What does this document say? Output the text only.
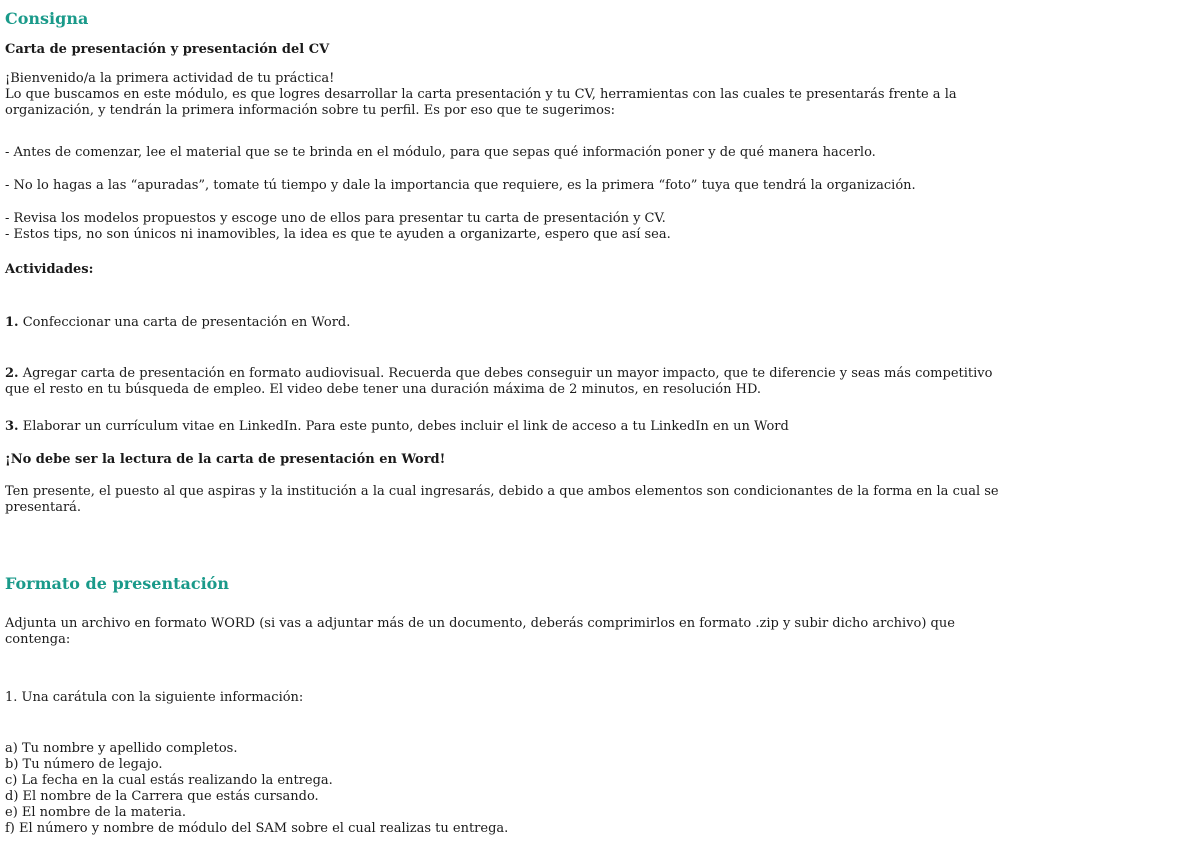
Consigna
Carta de presentación y presentación del CV
¡Bienvenido/a la primera actividad de tu práctica!
Lo que buscamos en este módulo, es que logres desarrollar la carta presentación y tu CV, herramientas con las cuales te presentarás frente a la
organización, y tendrán la primera información sobre tu perfil. Es por eso que te sugerimos:
- Antes de comenzar, lee el material que se te brinda en el módulo, para que sepas qué información poner y de qué manera hacerlo.
- No lo hagas a las “apuradas”, tomate tú tiempo y dale la importancia que requiere, es la primera “foto” tuya que tendrá la organización.
- Revisa los modelos propuestos y escoge uno de ellos para presentar tu carta de presentación y CV.
- Estos tips, no son únicos ni inamovibles, la idea es que te ayuden a organizarte, espero que así sea.
Actividades:
1. Confeccionar una carta de presentación en Word.
2. Agregar carta de presentación en formato audiovisual. Recuerda que debes conseguir un mayor impacto, que te diferencie y seas más competitivo
que el resto en tu búsqueda de empleo. El video debe tener una duración máxima de 2 minutos, en resolución HD.
3. Elaborar un currículum vitae en LinkedIn. Para este punto, debes incluir el link de acceso a tu LinkedIn en un Word
¡No debe ser la lectura de la carta de presentación en Word!
Ten presente, el puesto al que aspiras y la institución a la cual ingresarás, debido a que ambos elementos son condicionantes de la forma en la cual se
presentará.
Formato de presentación
Adjunta un archivo en formato WORD (si vas a adjuntar más de un documento, deberás comprimirlos en formato .zip y subir dicho archivo) que
contenga:
1. Una carátula con la siguiente información:
a) Tu nombre y apellido completos.
b) Tu número de legajo.
c) La fecha en la cual estás realizando la entrega.
d) El nombre de la Carrera que estás cursando.
e) El nombre de la materia.
f) El número y nombre de módulo del SAM sobre el cual realizas tu entrega.
